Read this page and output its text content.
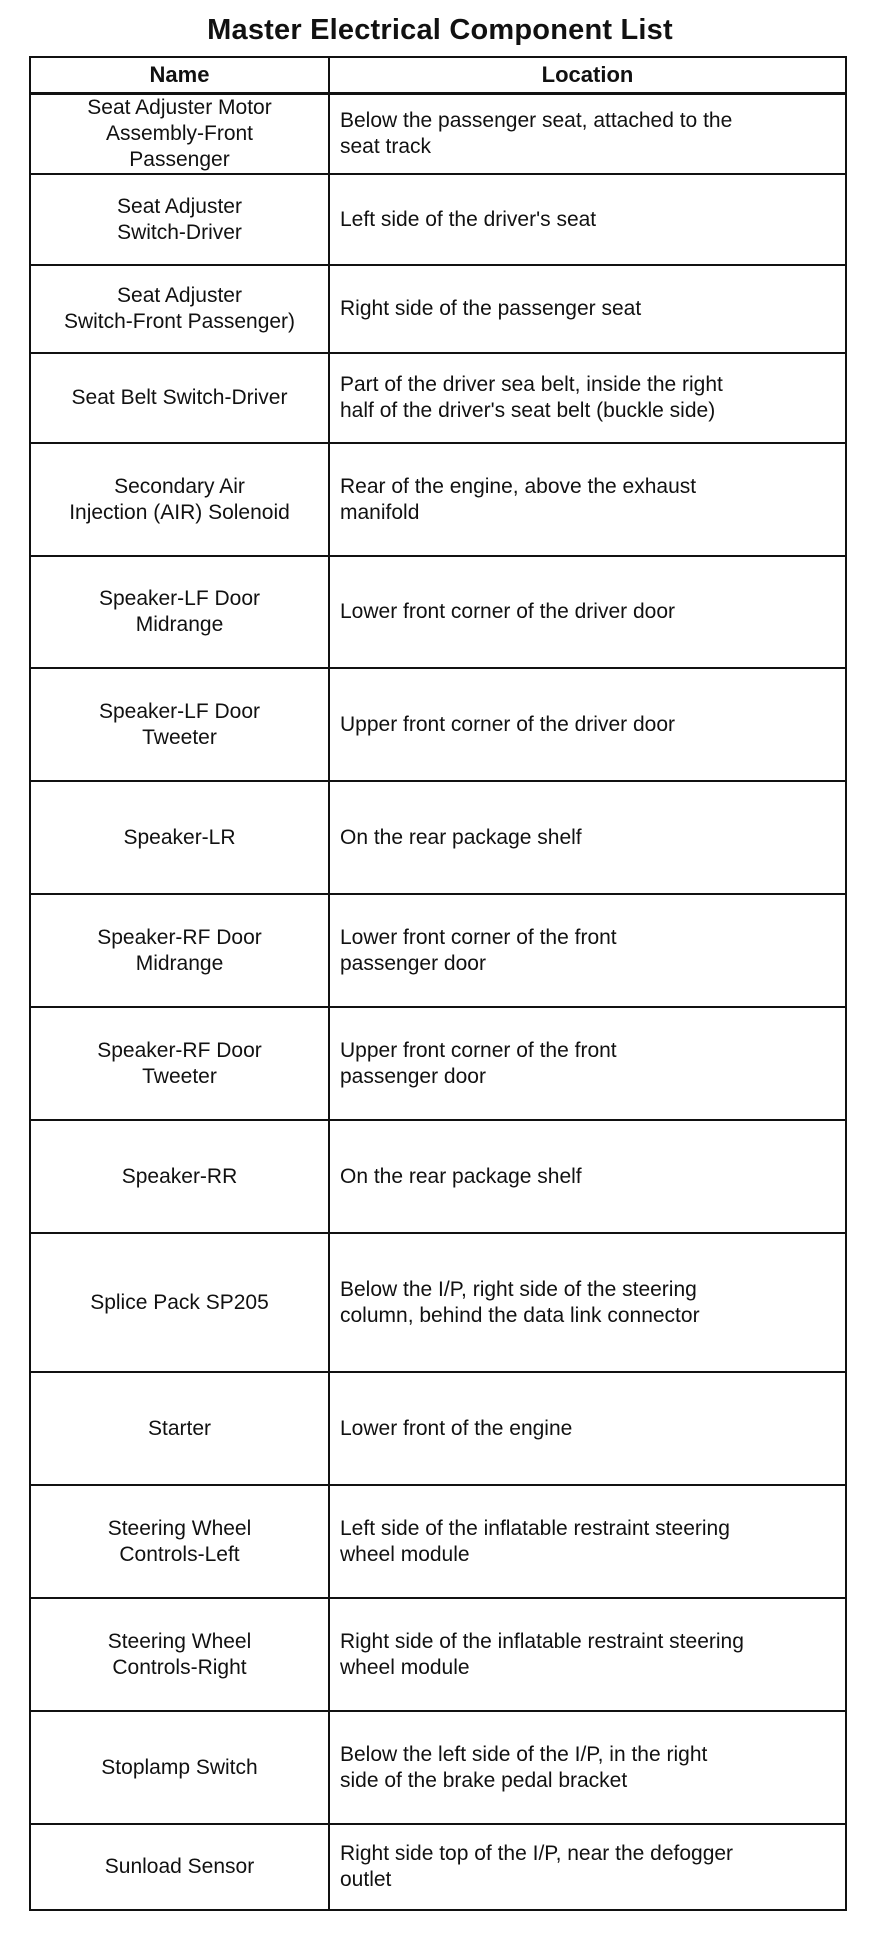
Master Electrical Component List
Name	Location

Seat Adjuster Motor
Assembly-Front
Passenger	Below the passenger seat, attached to the
seat track

Seat Adjuster
Switch-Driver	Left side of the driver's seat

Seat Adjuster
Switch-Front Passenger)	Right side of the passenger seat

Seat Belt Switch-Driver	Part of the driver sea belt, inside the right
half of the driver's seat belt (buckle side)

Secondary Air
Injection (AIR) Solenoid	Rear of the engine, above the exhaust
manifold

Speaker-LF Door
Midrange	Lower front corner of the driver door

Speaker-LF Door
Tweeter	Upper front corner of the driver door

Speaker-LR	On the rear package shelf

Speaker-RF Door
Midrange	Lower front corner of the front
passenger door

Speaker-RF Door
Tweeter	Upper front corner of the front
passenger door

Speaker-RR	On the rear package shelf

Splice Pack SP205	Below the I/P, right side of the steering
column, behind the data link connector

Starter	Lower front of the engine

Steering Wheel
Controls-Left	Left side of the inflatable restraint steering
wheel module

Steering Wheel
Controls-Right	Right side of the inflatable restraint steering
wheel module

Stoplamp Switch	Below the left side of the I/P, in the right
side of the brake pedal bracket

Sunload Sensor	Right side top of the I/P, near the defogger
outlet
